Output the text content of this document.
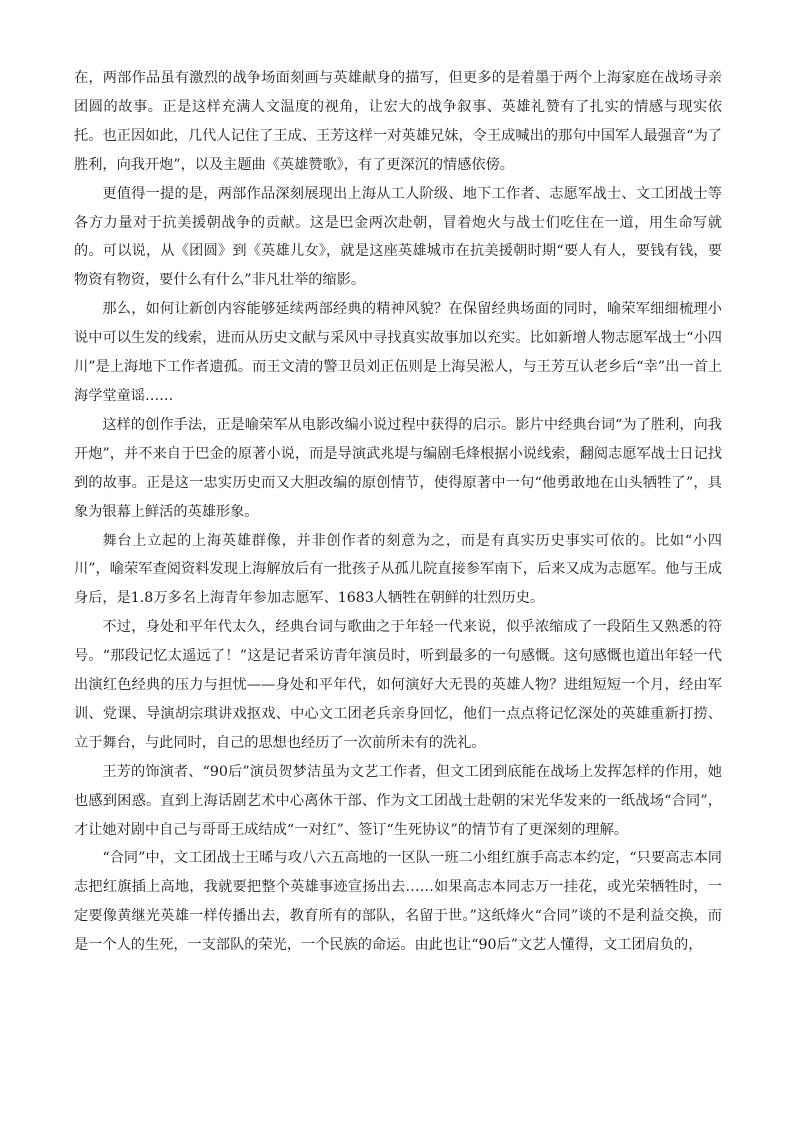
在，两部作品虽有激烈的战争场面刻画与英雄献身的描写，但更多的是着墨于两个上海家庭在战场寻亲团圆的故事。正是这样充满人文温度的视角，让宏大的战争叙事、英雄礼赞有了扎实的情感与现实依托。也正因如此，几代人记住了王成、王芳这样一对英雄兄妹，令王成喊出的那句中国军人最强音“为了胜利，向我开炮”，以及主题曲《英雄赞歌》，有了更深沉的情感依傍。

更值得一提的是，两部作品深刻展现出上海从工人阶级、地下工作者、志愿军战士、文工团战士等各方力量对于抗美援朝战争的贡献。这是巴金两次赴朝，冒着炮火与战士们吃住在一道，用生命写就的。可以说，从《团圆》到《英雄儿女》，就是这座英雄城市在抗美援朝时期“要人有人，要钱有钱，要物资有物资，要什么有什么”非凡壮举的缩影。

那么，如何让新创内容能够延续两部经典的精神风貌？在保留经典场面的同时，喻荣军细细梳理小说中可以生发的线索，进而从历史文献与采风中寻找真实故事加以充实。比如新增人物志愿军战士“小四川”是上海地下工作者遗孤。而王文清的警卫员刘正伍则是上海吴淞人，与王芳互认老乡后“幸”出一首上海学堂童谣……

这样的创作手法，正是喻荣军从电影改编小说过程中获得的启示。影片中经典台词“为了胜利，向我开炮”，并不来自于巴金的原著小说，而是导演武兆堤与编剧毛烽根据小说线索，翻阅志愿军战士日记找到的故事。正是这一忠实历史而又大胆改编的原创情节，使得原著中一句“他勇敢地在山头牺牲了”，具象为银幕上鲜活的英雄形象。

舞台上立起的上海英雄群像，并非创作者的刻意为之，而是有真实历史事实可依的。比如“小四川”，喻荣军查阅资料发现上海解放后有一批孩子从孤儿院直接参军南下，后来又成为志愿军。他与王成身后，是1.8万多名上海青年参加志愿军、1683人牺牲在朝鲜的壮烈历史。

不过，身处和平年代太久，经典台词与歌曲之于年轻一代来说，似乎浓缩成了一段陌生又熟悉的符号。“那段记忆太遥远了！”这是记者采访青年演员时，听到最多的一句感慨。这句感慨也道出年轻一代出演红色经典的压力与担忧——身处和平年代，如何演好大无畏的英雄人物？进组短短一个月，经由军训、党课、导演胡宗琪讲戏抠戏、中心文工团老兵亲身回忆，他们一点点将记忆深处的英雄重新打捞、立于舞台，与此同时，自己的思想也经历了一次前所未有的洗礼。

王芳的饰演者、“90后”演员贺梦洁虽为文艺工作者，但文工团到底能在战场上发挥怎样的作用，她也感到困惑。直到上海话剧艺术中心离休干部、作为文工团战士赴朝的宋光华发来的一纸战场“合同”，才让她对剧中自己与哥哥王成结成“一对红”、签订“生死协议”的情节有了更深刻的理解。

“合同”中，文工团战士王晞与攻八六五高地的一区队一班二小组红旗手高志本约定，“只要高志本同志把红旗插上高地，我就要把整个英雄事迹宣扬出去……如果高志本同志万一挂花，或光荣牺牲时，一定要像黄继光英雄一样传播出去，教育所有的部队，名留于世。”这纸烽火“合同”谈的不是利益交换，而是一个人的生死，一支部队的荣光，一个民族的命运。由此也让“90后”文艺人懂得，文工团肩负的，
